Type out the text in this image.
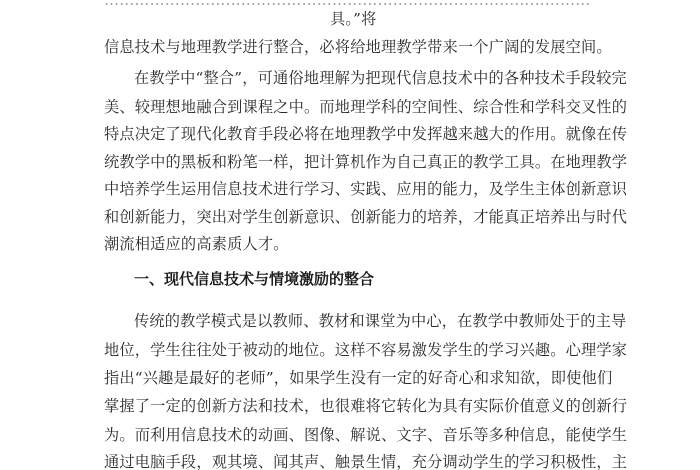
……………………………………………………………………………………
具。”将
信息技术与地理教学进行整合，必将给地理教学带来一个广阔的发展空间。
在教学中“整合”，可通俗地理解为把现代信息技术中的各种技术手段较完
美、较理想地融合到课程之中。而地理学科的空间性、综合性和学科交叉性的
特点决定了现代化教育手段必将在地理教学中发挥越来越大的作用。就像在传
统教学中的黑板和粉笔一样，把计算机作为自己真正的教学工具。在地理教学
中培养学生运用信息技术进行学习、实践、应用的能力，及学生主体创新意识
和创新能力，突出对学生创新意识、创新能力的培养，才能真正培养出与时代
潮流相适应的高素质人才。
一、现代信息技术与情境激励的整合
传统的教学模式是以教师、教材和课堂为中心，在教学中教师处于的主导
地位，学生往往处于被动的地位。这样不容易激发学生的学习兴趣。心理学家
指出“兴趣是最好的老师”，如果学生没有一定的好奇心和求知欲，即使他们
掌握了一定的创新方法和技术，也很难将它转化为具有实际价值意义的创新行
为。而利用信息技术的动画、图像、解说、文字、音乐等多种信息，能使学生
通过电脑手段，观其境、闻其声、触景生情，充分调动学生的学习积极性，主
